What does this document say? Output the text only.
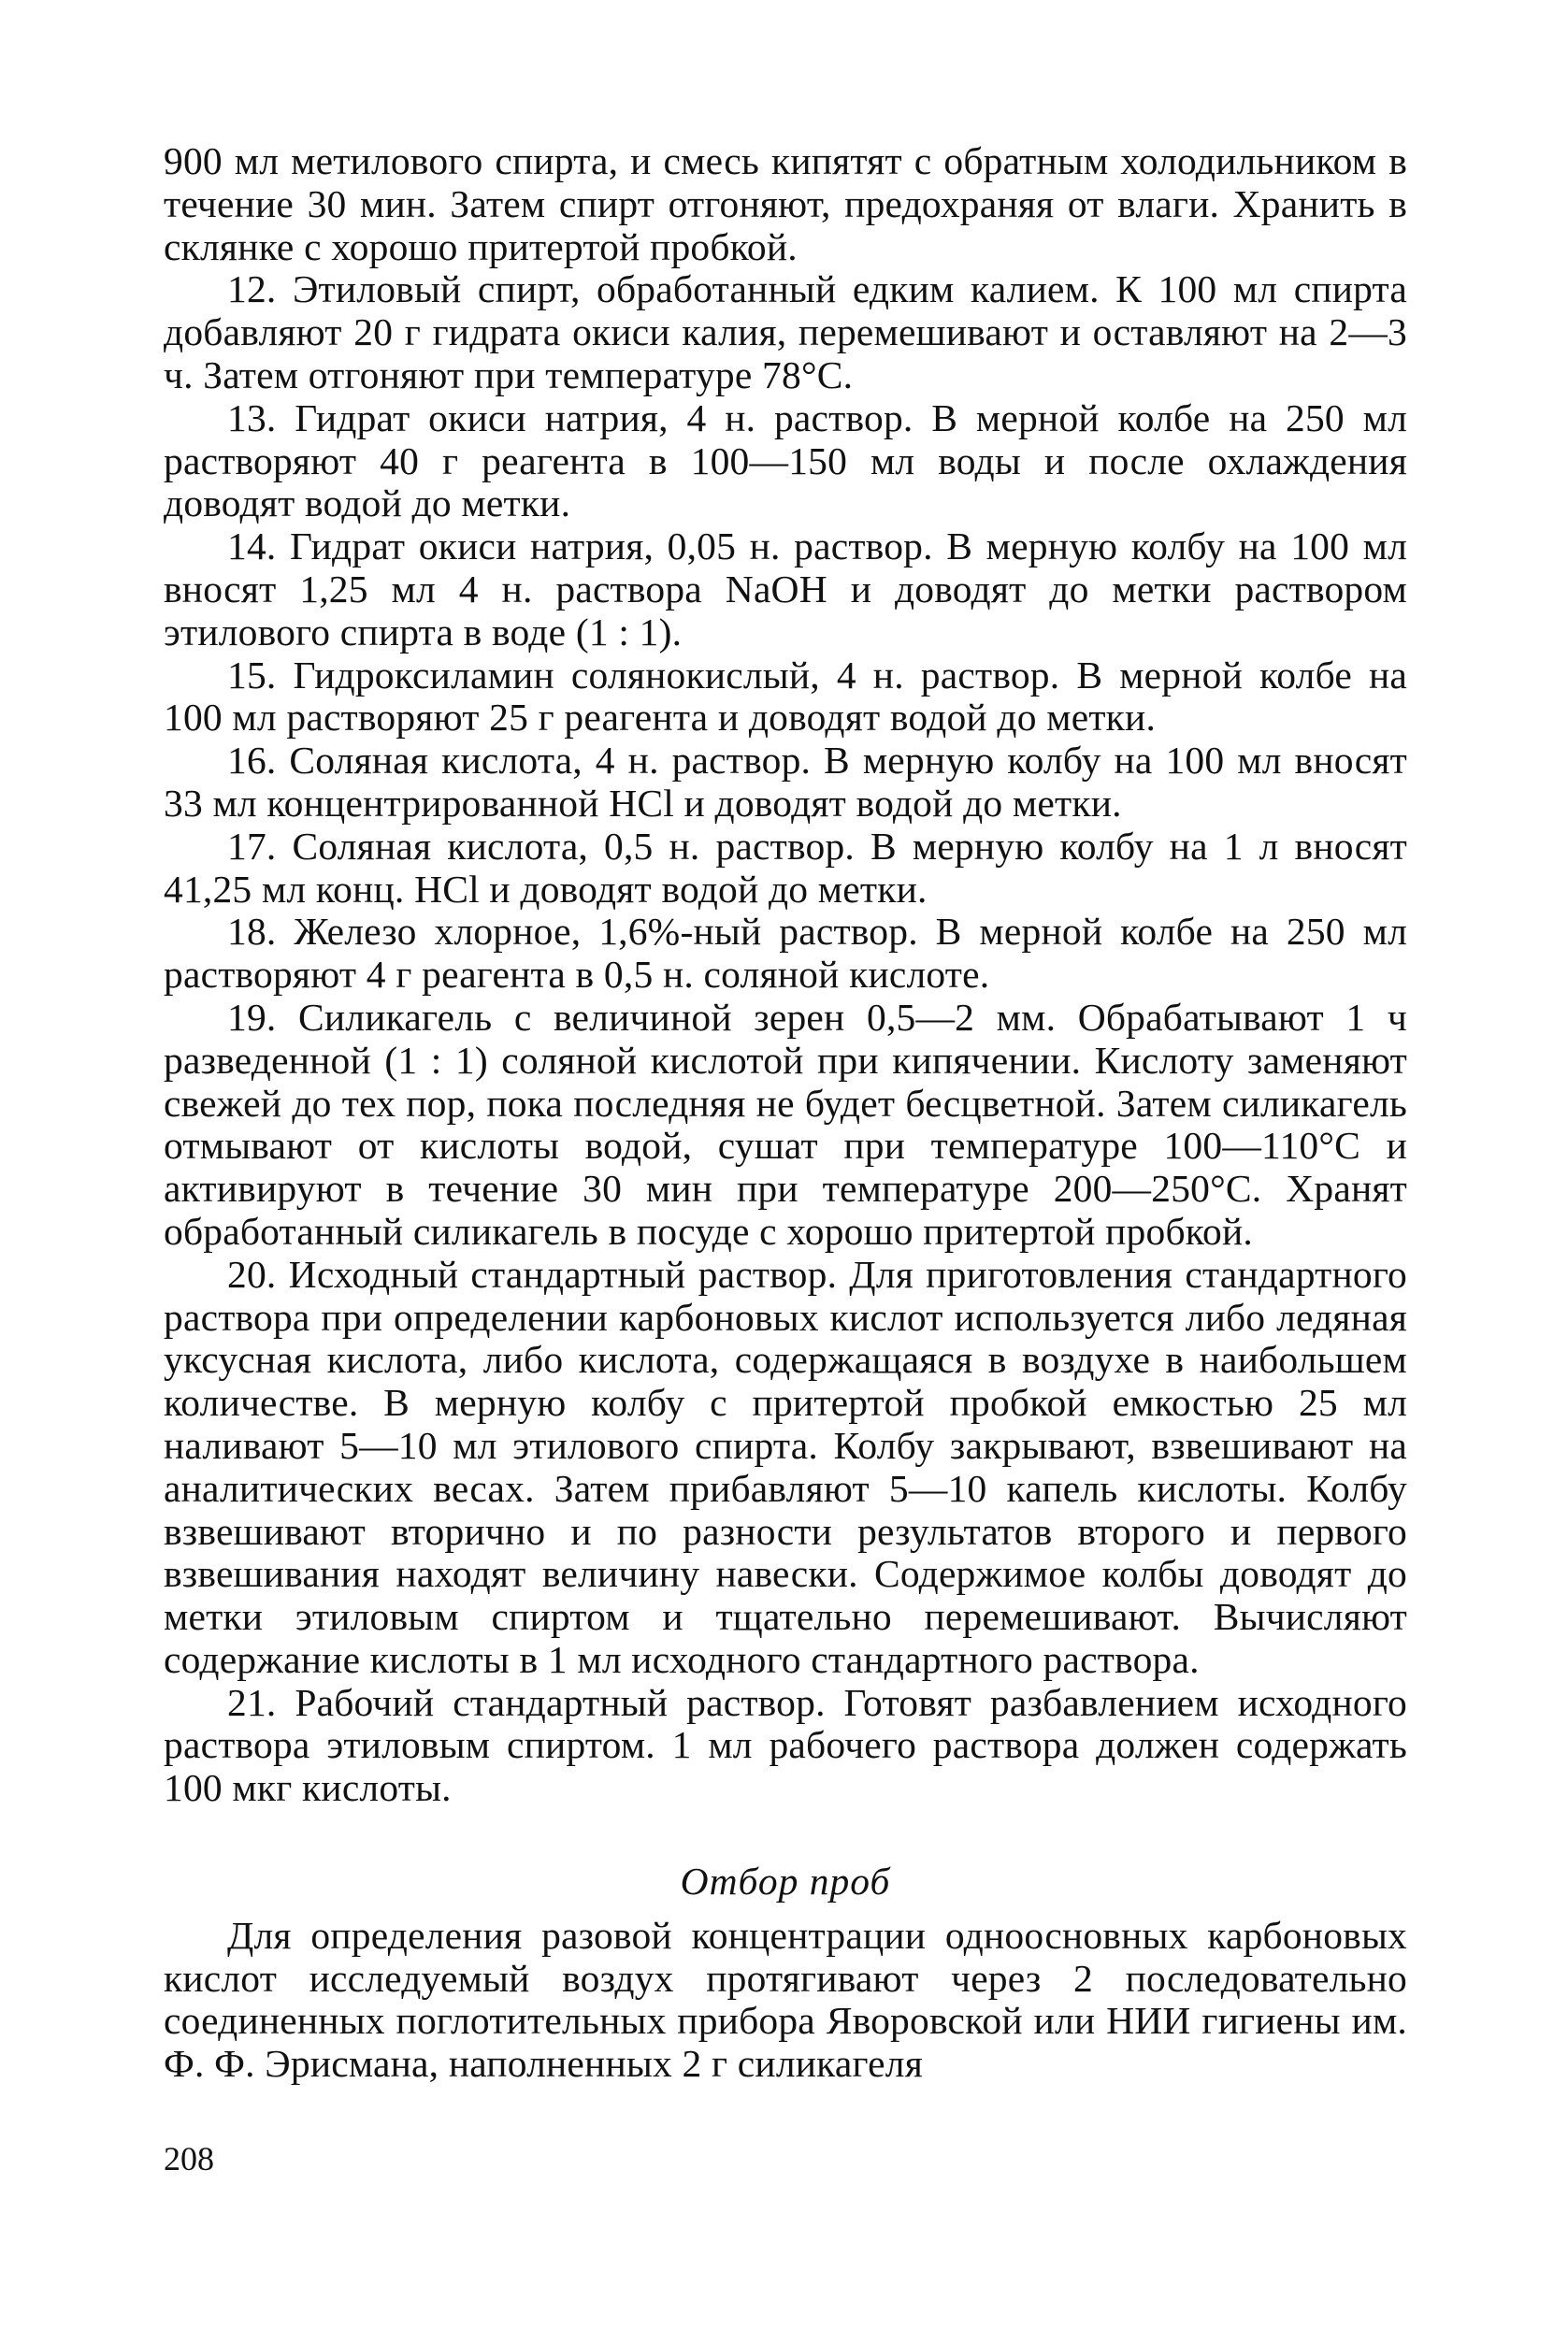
900 мл метилового спирта, и смесь кипятят с обратным холодильником в течение 30 мин. Затем спирт отгоняют, предохраняя от влаги. Хранить в склянке с хорошо притертой пробкой.

12. Этиловый спирт, обработанный едким калием. К 100 мл спирта добавляют 20 г гидрата окиси калия, перемешивают и оставляют на 2—3 ч. Затем отгоняют при температуре 78°С.

13. Гидрат окиси натрия, 4 н. раствор. В мерной колбе на 250 мл растворяют 40 г реагента в 100—150 мл воды и после охлаждения доводят водой до метки.

14. Гидрат окиси натрия, 0,05 н. раствор. В мерную колбу на 100 мл вносят 1,25 мл 4 н. раствора NaOH и доводят до метки раствором этилового спирта в воде (1 : 1).

15. Гидроксиламин солянокислый, 4 н. раствор. В мерной колбе на 100 мл растворяют 25 г реагента и доводят водой до метки.

16. Соляная кислота, 4 н. раствор. В мерную колбу на 100 мл вносят 33 мл концентрированной HCl и доводят водой до метки.

17. Соляная кислота, 0,5 н. раствор. В мерную колбу на 1 л вносят 41,25 мл конц. HCl и доводят водой до метки.

18. Железо хлорное, 1,6%-ный раствор. В мерной колбе на 250 мл растворяют 4 г реагента в 0,5 н. соляной кислоте.

19. Силикагель с величиной зерен 0,5—2 мм. Обрабатывают 1 ч разведенной (1 : 1) соляной кислотой при кипячении. Кислоту заменяют свежей до тех пор, пока последняя не будет бесцветной. Затем силикагель отмывают от кислоты водой, сушат при температуре 100—110°С и активируют в течение 30 мин при температуре 200—250°С. Хранят обработанный силикагель в посуде с хорошо притертой пробкой.

20. Исходный стандартный раствор. Для приготовления стандартного раствора при определении карбоновых кислот используется либо ледяная уксусная кислота, либо кислота, содержащаяся в воздухе в наибольшем количестве. В мерную колбу с притертой пробкой емкостью 25 мл наливают 5—10 мл этилового спирта. Колбу закрывают, взвешивают на аналитических весах. Затем прибавляют 5—10 капель кислоты. Колбу взвешивают вторично и по разности результатов второго и первого взвешивания находят величину навески. Содержимое колбы доводят до метки этиловым спиртом и тщательно перемешивают. Вычисляют содержание кислоты в 1 мл исходного стандартного раствора.

21. Рабочий стандартный раствор. Готовят разбавлением исходного раствора этиловым спиртом. 1 мл рабочего раствора должен содержать 100 мкг кислоты.

Отбор проб

Для определения разовой концентрации одноосновных карбоновых кислот исследуемый воздух протягивают через 2 последовательно соединенных поглотительных прибора Яворовской или НИИ гигиены им. Ф. Ф. Эрисмана, наполненных 2 г силикагеля

208
